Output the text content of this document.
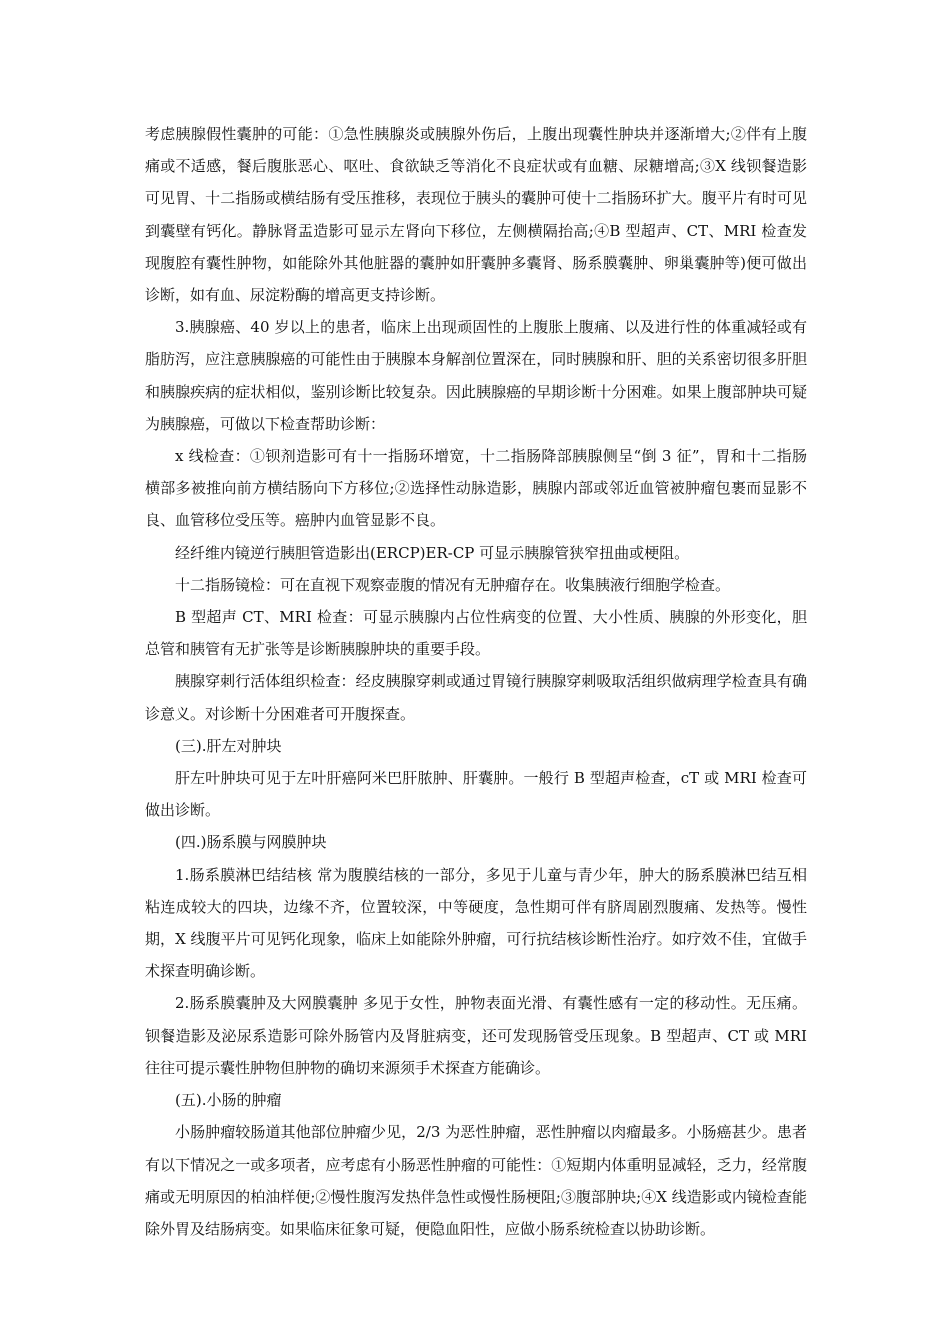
考虑胰腺假性囊肿的可能：①急性胰腺炎或胰腺外伤后，上腹出现囊性肿块并逐渐增大;②伴有上腹痛或不适感，餐后腹胀恶心、呕吐、食欲缺乏等消化不良症状或有血糖、尿糖增高;③X 线钡餐造影可见胃、十二指肠或横结肠有受压推移，表现位于胰头的囊肿可使十二指肠环扩大。腹平片有时可见到囊壁有钙化。静脉肾盂造影可显示左肾向下移位，左侧横隔抬高;④B 型超声、CT、MRI 检查发现腹腔有囊性肿物，如能除外其他脏器的囊肿如肝囊肿多囊肾、肠系膜囊肿、卵巢囊肿等)便可做出诊断，如有血、尿淀粉酶的增高更支持诊断。

3.胰腺癌、40 岁以上的患者，临床上出现顽固性的上腹胀上腹痛、以及进行性的体重减轻或有脂肪泻，应注意胰腺癌的可能性由于胰腺本身解剖位置深在，同时胰腺和肝、胆的关系密切很多肝胆和胰腺疾病的症状相似，鉴别诊断比较复杂。因此胰腺癌的早期诊断十分困难。如果上腹部肿块可疑为胰腺癌，可做以下检查帮助诊断：

x 线检查：①钡剂造影可有十一指肠环增宽，十二指肠降部胰腺侧呈“倒 3 征”，胃和十二指肠横部多被推向前方横结肠向下方移位;②选择性动脉造影，胰腺内部或邻近血管被肿瘤包裹而显影不良、血管移位受压等。癌肿内血管显影不良。

经纤维内镜逆行胰胆管造影出(ERCP)ER-CP 可显示胰腺管狭窄扭曲或梗阻。

十二指肠镜检：可在直视下观察壶腹的情况有无肿瘤存在。收集胰液行细胞学检查。

B 型超声 CT、MRI 检查：可显示胰腺内占位性病变的位置、大小性质、胰腺的外形变化，胆总管和胰管有无扩张等是诊断胰腺肿块的重要手段。

胰腺穿刺行活体组织检查：经皮胰腺穿刺或通过胃镜行胰腺穿刺吸取活组织做病理学检查具有确诊意义。对诊断十分困难者可开腹探查。

(三).肝左对肿块

肝左叶肿块可见于左叶肝癌阿米巴肝脓肿、肝囊肿。一般行 B 型超声检查，cT 或 MRI 检查可做出诊断。

(四.)肠系膜与网膜肿块

1.肠系膜淋巴结结核 常为腹膜结核的一部分，多见于儿童与青少年，肿大的肠系膜淋巴结互相粘连成较大的四块，边缘不齐，位置较深，中等硬度，急性期可伴有脐周剧烈腹痛、发热等。慢性期，X 线腹平片可见钙化现象，临床上如能除外肿瘤，可行抗结核诊断性治疗。如疗效不佳，宜做手术探查明确诊断。

2.肠系膜囊肿及大网膜囊肿 多见于女性，肿物表面光滑、有囊性感有一定的移动性。无压痛。钡餐造影及泌尿系造影可除外肠管内及肾脏病变，还可发现肠管受压现象。B 型超声、CT 或 MRI 往往可提示囊性肿物但肿物的确切来源须手术探查方能确诊。

(五).小肠的肿瘤

小肠肿瘤较肠道其他部位肿瘤少见，2/3 为恶性肿瘤，恶性肿瘤以肉瘤最多。小肠癌甚少。患者有以下情况之一或多项者，应考虑有小肠恶性肿瘤的可能性：①短期内体重明显减轻，乏力，经常腹痛或无明原因的柏油样便;②慢性腹泻发热伴急性或慢性肠梗阻;③腹部肿块;④X 线造影或内镜检查能除外胃及结肠病变。如果临床征象可疑，便隐血阳性，应做小肠系统检查以协助诊断。
